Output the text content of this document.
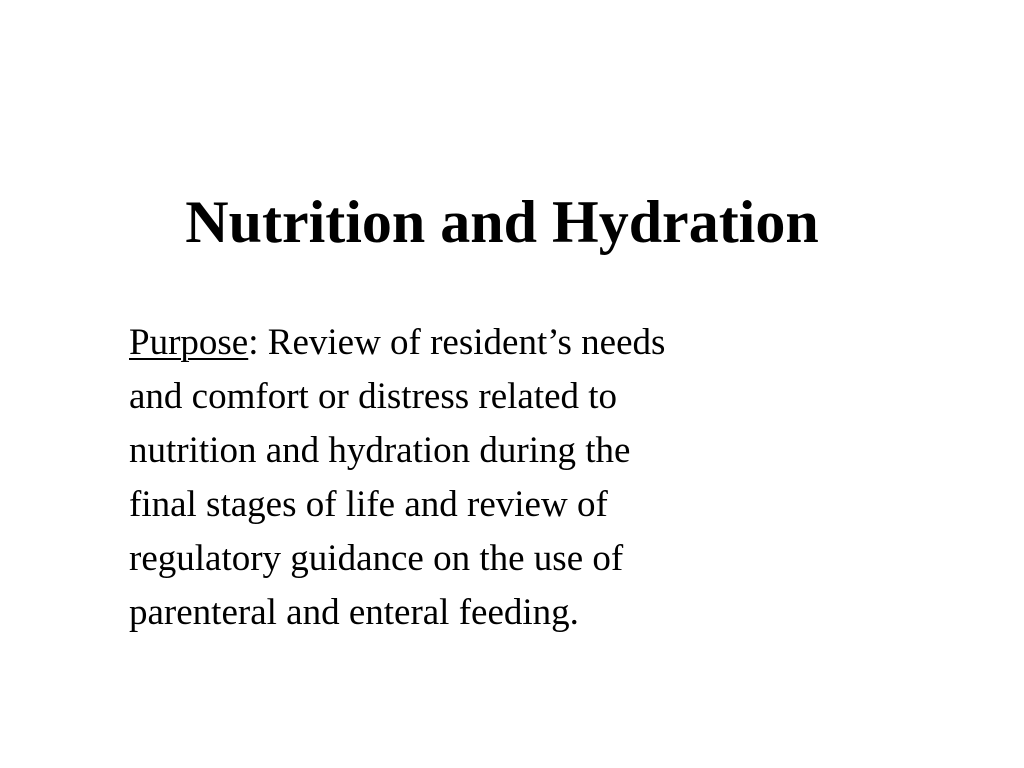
Nutrition and Hydration
Purpose: Review of resident’s needs
and comfort or distress related to
nutrition and hydration during the
final stages of life and review of
regulatory guidance on the use of
parenteral and enteral feeding.
